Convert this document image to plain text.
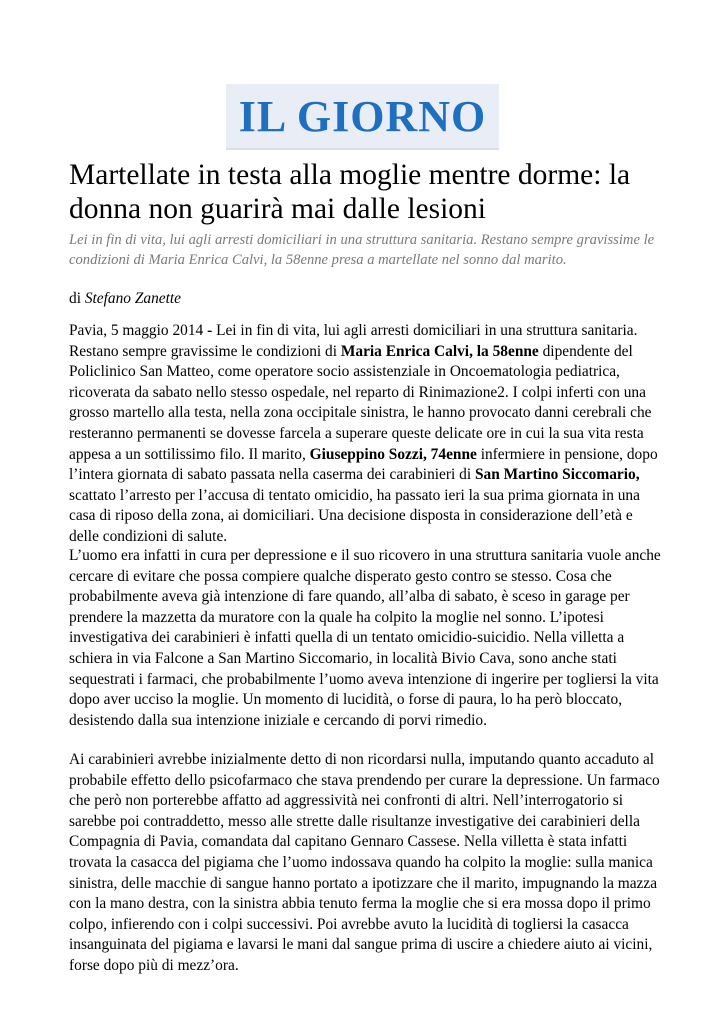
IL GIORNO
Martellate in testa alla moglie mentre dorme: la donna non guarirà mai dalle lesioni

Lei in fin di vita, lui agli arresti domiciliari in una struttura sanitaria. Restano sempre gravissime le condizioni di Maria Enrica Calvi, la 58enne presa a martellate nel sonno dal marito.

di Stefano Zanette

Pavia, 5 maggio 2014 - Lei in fin di vita, lui agli arresti domiciliari in una struttura sanitaria. Restano sempre gravissime le condizioni di Maria Enrica Calvi, la 58enne dipendente del Policlinico San Matteo, come operatore socio assistenziale in Oncoematologia pediatrica, ricoverata da sabato nello stesso ospedale, nel reparto di Rinimazione2. I colpi inferti con una grosso martello alla testa, nella zona occipitale sinistra, le hanno provocato danni cerebrali che resteranno permanenti se dovesse farcela a superare queste delicate ore in cui la sua vita resta appesa a un sottilissimo filo. Il marito, Giuseppino Sozzi, 74enne infermiere in pensione, dopo l’intera giornata di sabato passata nella caserma dei carabinieri di San Martino Siccomario, scattato l’arresto per l’accusa di tentato omicidio, ha passato ieri la sua prima giornata in una casa di riposo della zona, ai domiciliari. Una decisione disposta in considerazione dell’età e delle condizioni di salute.

L’uomo era infatti in cura per depressione e il suo ricovero in una struttura sanitaria vuole anche cercare di evitare che possa compiere qualche disperato gesto contro se stesso. Cosa che probabilmente aveva già intenzione di fare quando, all’alba di sabato, è sceso in garage per prendere la mazzetta da muratore con la quale ha colpito la moglie nel sonno. L’ipotesi investigativa dei carabinieri è infatti quella di un tentato omicidio-suicidio. Nella villetta a schiera in via Falcone a San Martino Siccomario, in località Bivio Cava, sono anche stati sequestrati i farmaci, che probabilmente l’uomo aveva intenzione di ingerire per togliersi la vita dopo aver ucciso la moglie. Un momento di lucidità, o forse di paura, lo ha però bloccato, desistendo dalla sua intenzione iniziale e cercando di porvi rimedio.

Ai carabinieri avrebbe inizialmente detto di non ricordarsi nulla, imputando quanto accaduto al probabile effetto dello psicofarmaco che stava prendendo per curare la depressione. Un farmaco che però non porterebbe affatto ad aggressività nei confronti di altri. Nell’interrogatorio si sarebbe poi contraddetto, messo alle strette dalle risultanze investigative dei carabinieri della Compagnia di Pavia, comandata dal capitano Gennaro Cassese. Nella villetta è stata infatti trovata la casacca del pigiama che l’uomo indossava quando ha colpito la moglie: sulla manica sinistra, delle macchie di sangue hanno portato a ipotizzare che il marito, impugnando la mazza con la mano destra, con la sinistra abbia tenuto ferma la moglie che si era mossa dopo il primo colpo, infierendo con i colpi successivi. Poi avrebbe avuto la lucidità di togliersi la casacca insanguinata del pigiama e lavarsi le mani dal sangue prima di uscire a chiedere aiuto ai vicini, forse dopo più di mezz’ora.
